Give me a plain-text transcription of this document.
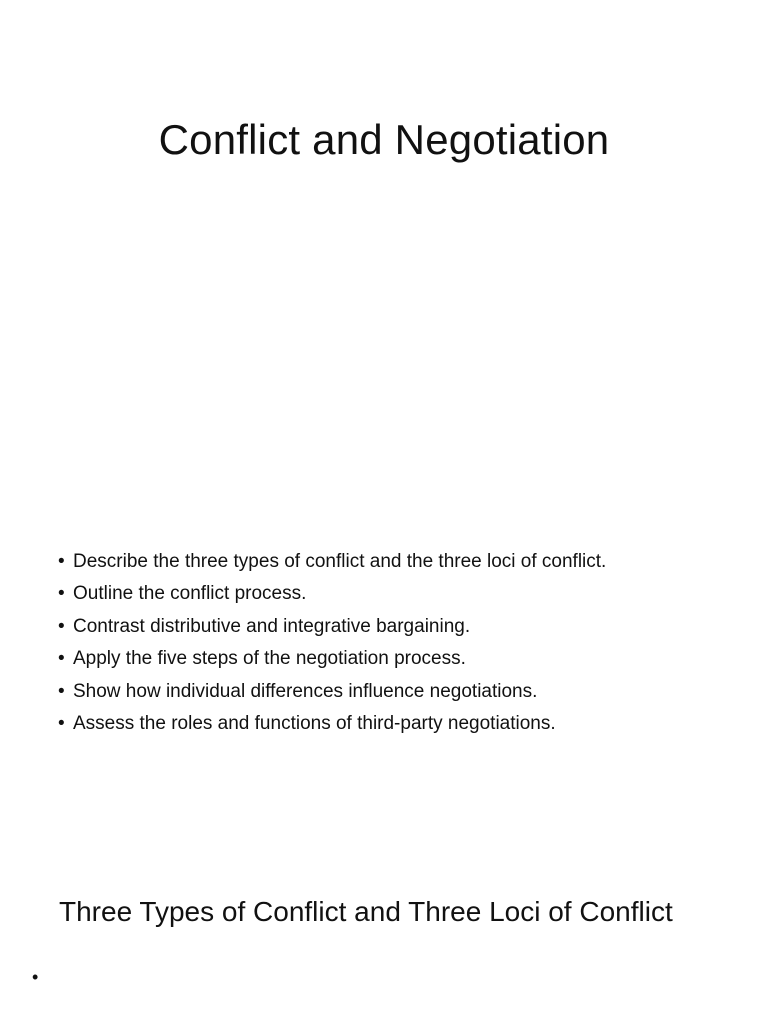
Conflict and Negotiation
• Describe the three types of conflict and the three loci of conflict.
• Outline the conflict process.
• Contrast distributive and integrative bargaining.
• Apply the five steps of the negotiation process.
• Show how individual differences influence negotiations.
• Assess the roles and functions of third-party negotiations.
Three Types of Conflict and Three Loci of Conflict
•
